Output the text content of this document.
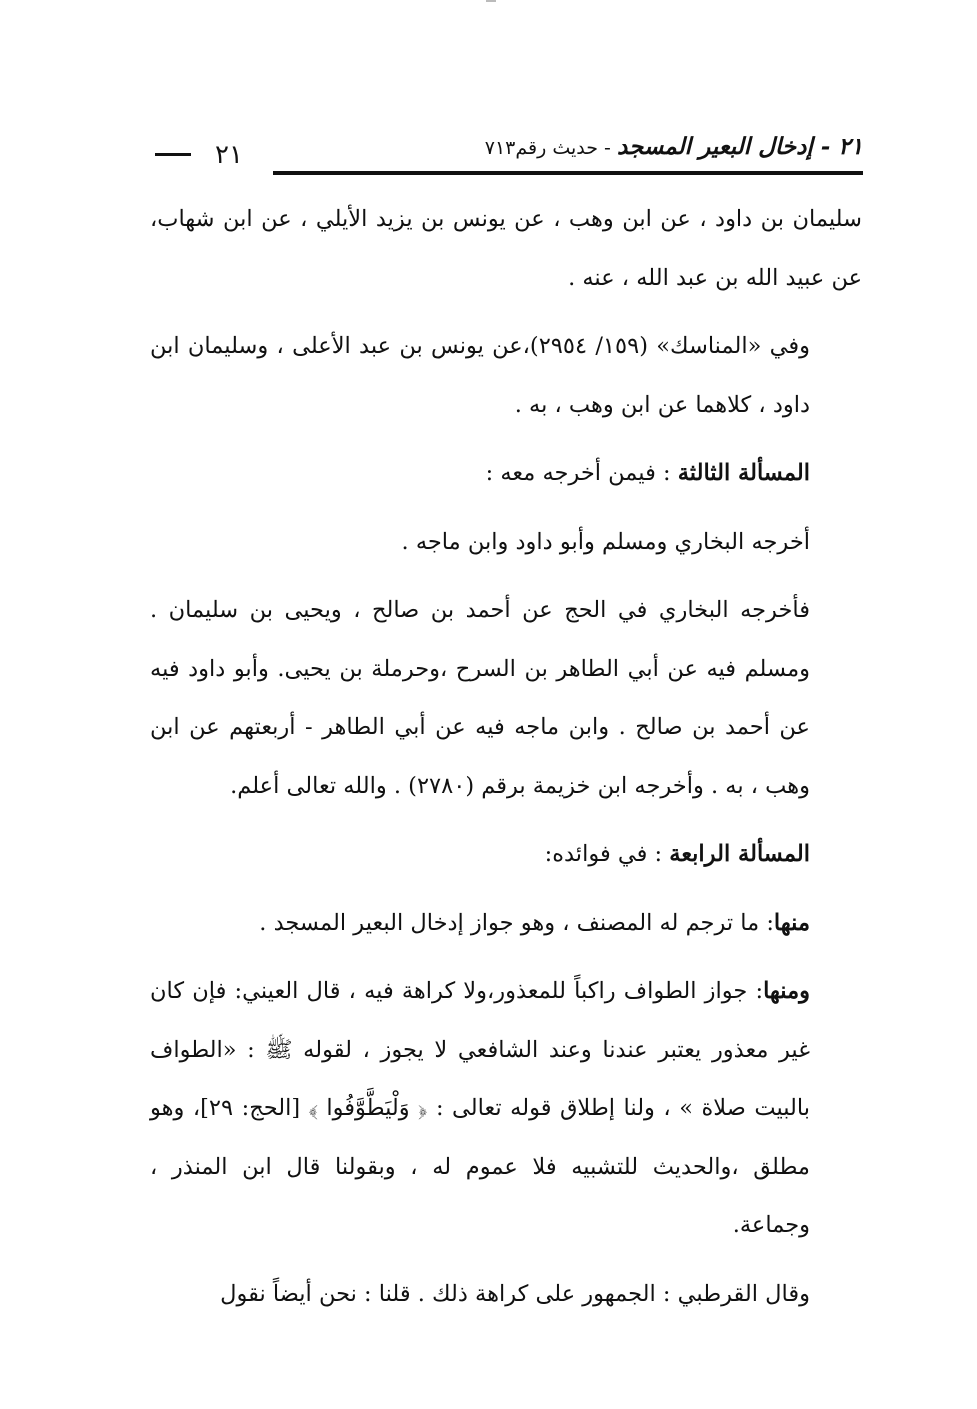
٢١ - إدخال البعير المسجد - حديث رقم٧١٣
٢١

سليمان بن داود ، عن ابن وهب ، عن يونس بن يزيد الأيلي ، عن ابن شهاب، عن عبيد الله بن عبد الله ، عنه .

وفي «المناسك» (١٥٩/ ٢٩٥٤)،عن يونس بن عبد الأعلى ، وسليمان ابن داود ، كلاهما عن ابن وهب ، به .

المسألة الثالثة : فيمن أخرجه معه :

أخرجه البخاري ومسلم وأبو داود وابن ماجه .

فأخرجه البخاري في الحج عن أحمد بن صالح ، ويحيى بن سليمان . ومسلم فيه عن أبي الطاهر بن السرح ،وحرملة بن يحيى. وأبو داود فيه عن أحمد بن صالح . وابن ماجه فيه عن أبي الطاهر - أربعتهم عن ابن وهب ، به . وأخرجه ابن خزيمة برقم (٢٧٨٠) . والله تعالى أعلم.

المسألة الرابعة : في فوائده:

منها: ما ترجم له المصنف ، وهو جواز إدخال البعير المسجد .

ومنها: جواز الطواف راكباً للمعذور،ولا كراهة فيه ، قال العيني: فإن كان غير معذور يعتبر عندنا وعند الشافعي لا يجوز ، لقوله ﷺ : «الطواف بالبيت صلاة » ، ولنا إطلاق قوله تعالى : ﴿ وَلْيَطَّوَّفُوا ﴾ [الحج: ٢٩]، وهو مطلق ،والحديث للتشبيه فلا عموم له ، وبقولنا قال ابن المنذر ، وجماعة.

وقال القرطبي : الجمهور على كراهة ذلك . قلنا : نحن أيضاً نقول
